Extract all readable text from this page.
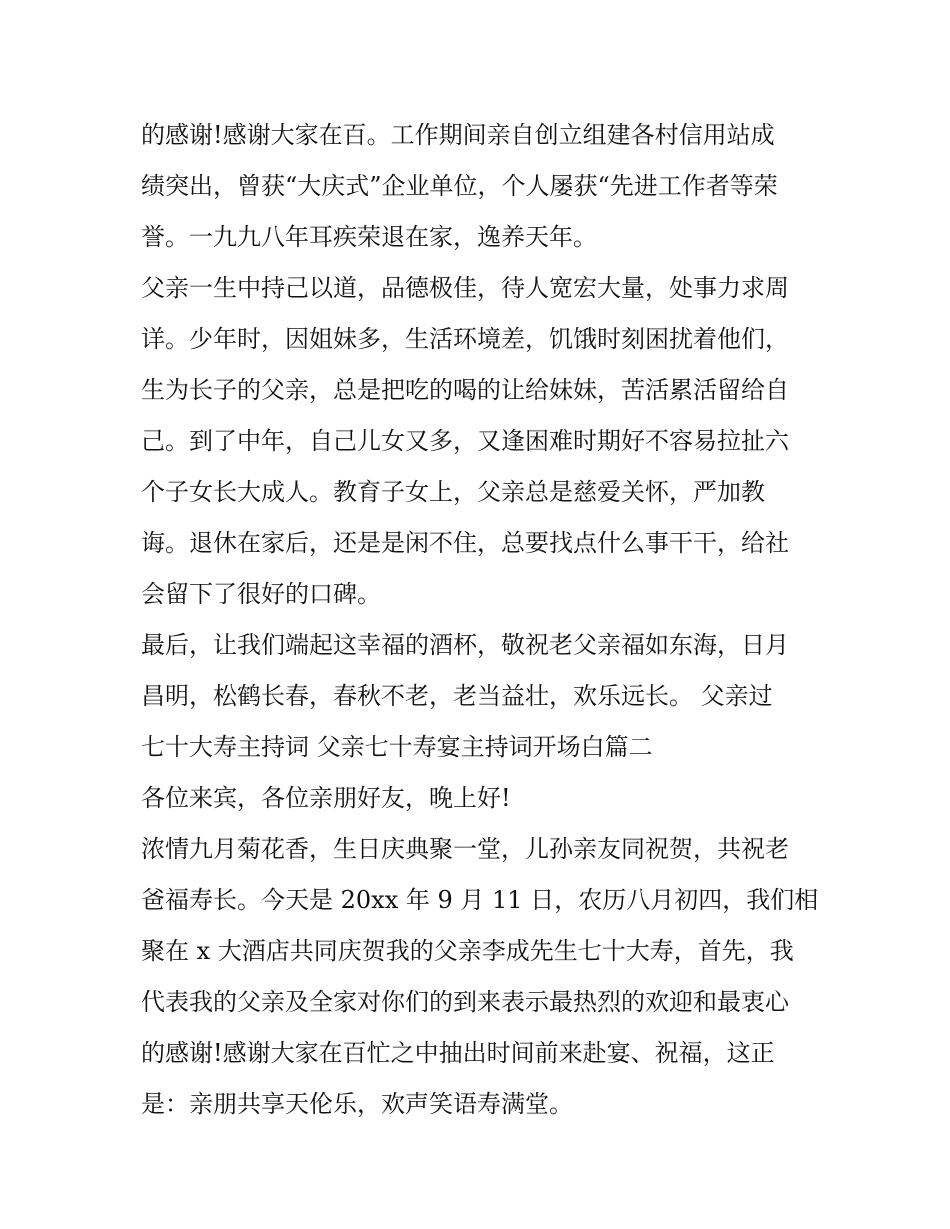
的感谢!感谢大家在百。工作期间亲自创立组建各村信用站成
绩突出，曾获“大庆式”企业单位，个人屡获“先进工作者等荣
誉。一九九八年耳疾荣退在家，逸养天年。
父亲一生中持己以道，品德极佳，待人宽宏大量，处事力求周
详。少年时，因姐妹多，生活环境差，饥饿时刻困扰着他们，
生为长子的父亲，总是把吃的喝的让给妹妹，苦活累活留给自
己。到了中年，自己儿女又多，又逢困难时期好不容易拉扯六
个子女长大成人。教育子女上，父亲总是慈爱关怀，严加教
诲。退休在家后，还是是闲不住，总要找点什么事干干，给社
会留下了很好的口碑。
最后，让我们端起这幸福的酒杯，敬祝老父亲福如东海，日月
昌明，松鹤长春，春秋不老，老当益壮，欢乐远长。 父亲过
七十大寿主持词 父亲七十寿宴主持词开场白篇二
各位来宾，各位亲朋好友，晚上好!
浓情九月菊花香，生日庆典聚一堂，儿孙亲友同祝贺，共祝老
爸福寿长。今天是 20xx 年 9 月 11 日，农历八月初四，我们相
聚在 x 大酒店共同庆贺我的父亲李成先生七十大寿，首先，我
代表我的父亲及全家对你们的到来表示最热烈的欢迎和最衷心
的感谢!感谢大家在百忙之中抽出时间前来赴宴、祝福，这正
是：亲朋共享天伦乐，欢声笑语寿满堂。
